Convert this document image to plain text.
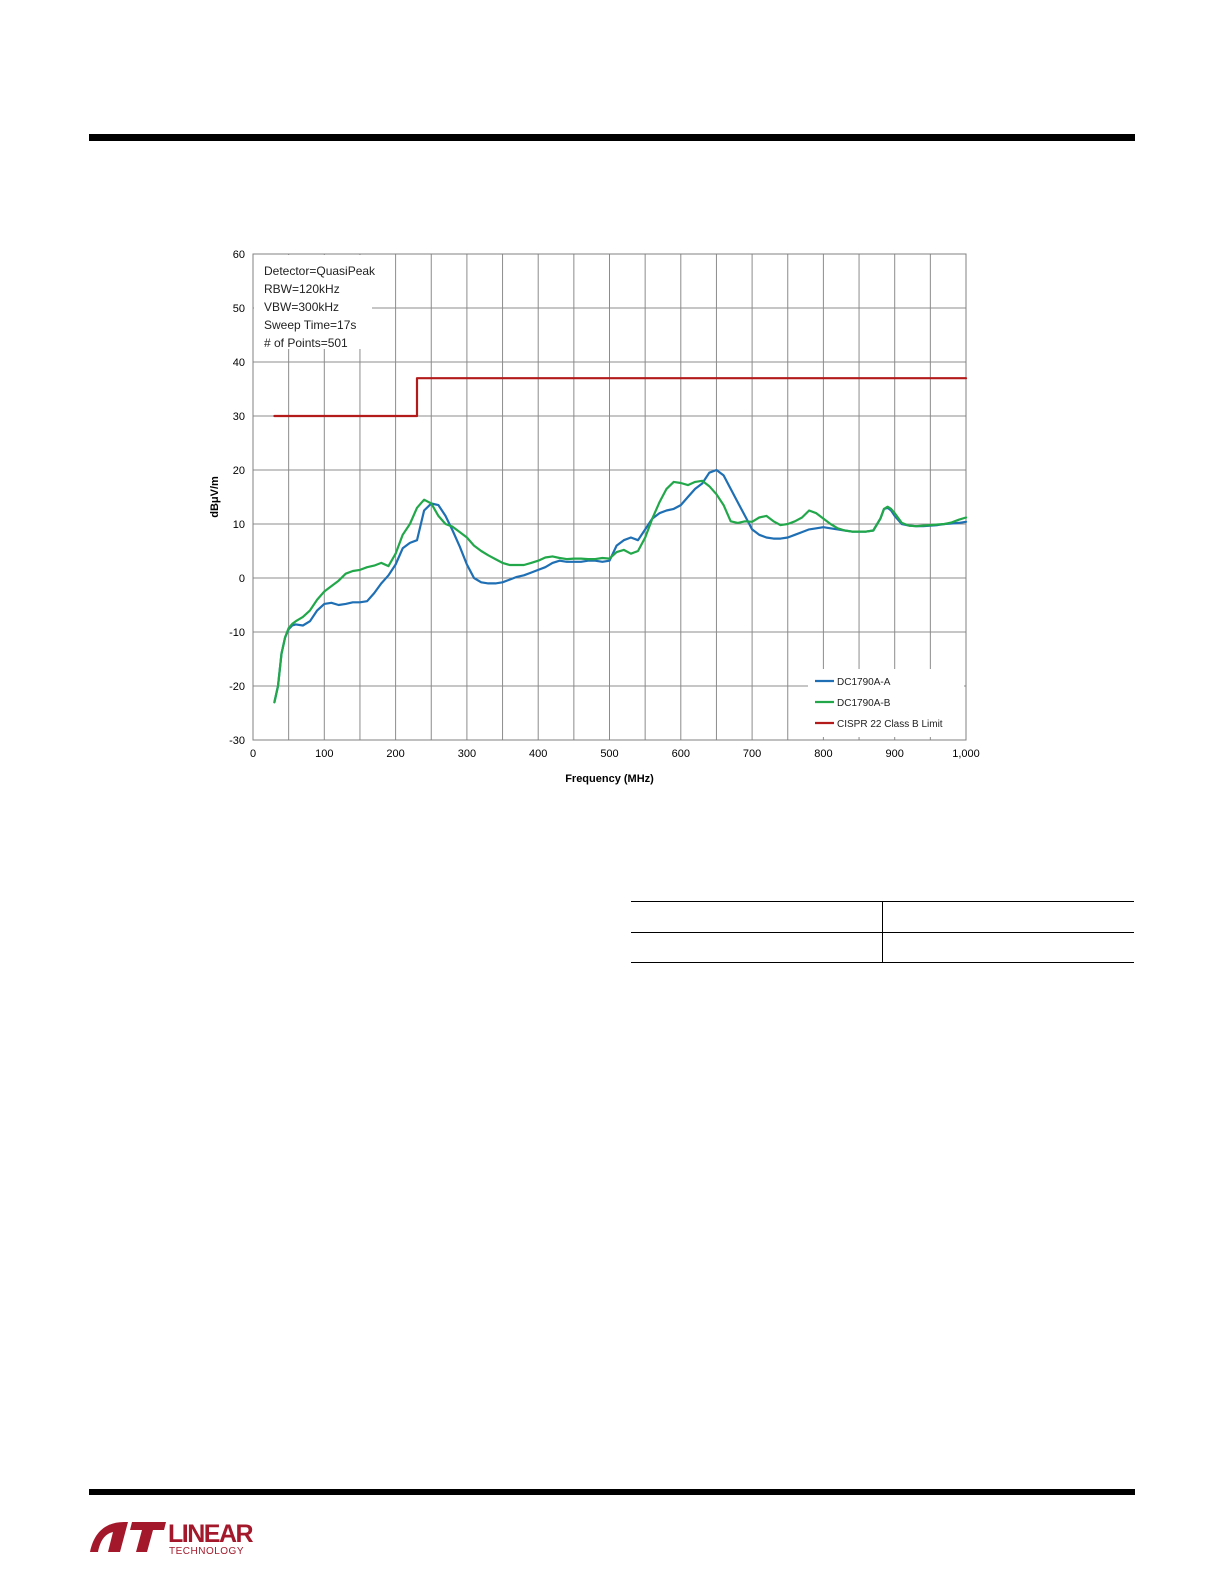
0	100	200	300	400	500	600	700	800	900	1,000
-30
-20
-10
0
10
20
30
40
50
60
Detector=QuasiPeak
RBW=120kHz
VBW=300kHz
Sweep Time=17s
# of Points=501
DC1790A-A
DC1790A-B
CISPR 22 Class B Limit
Frequency (MHz)
dBμV/m
LINEAR
TECHNOLOGY
